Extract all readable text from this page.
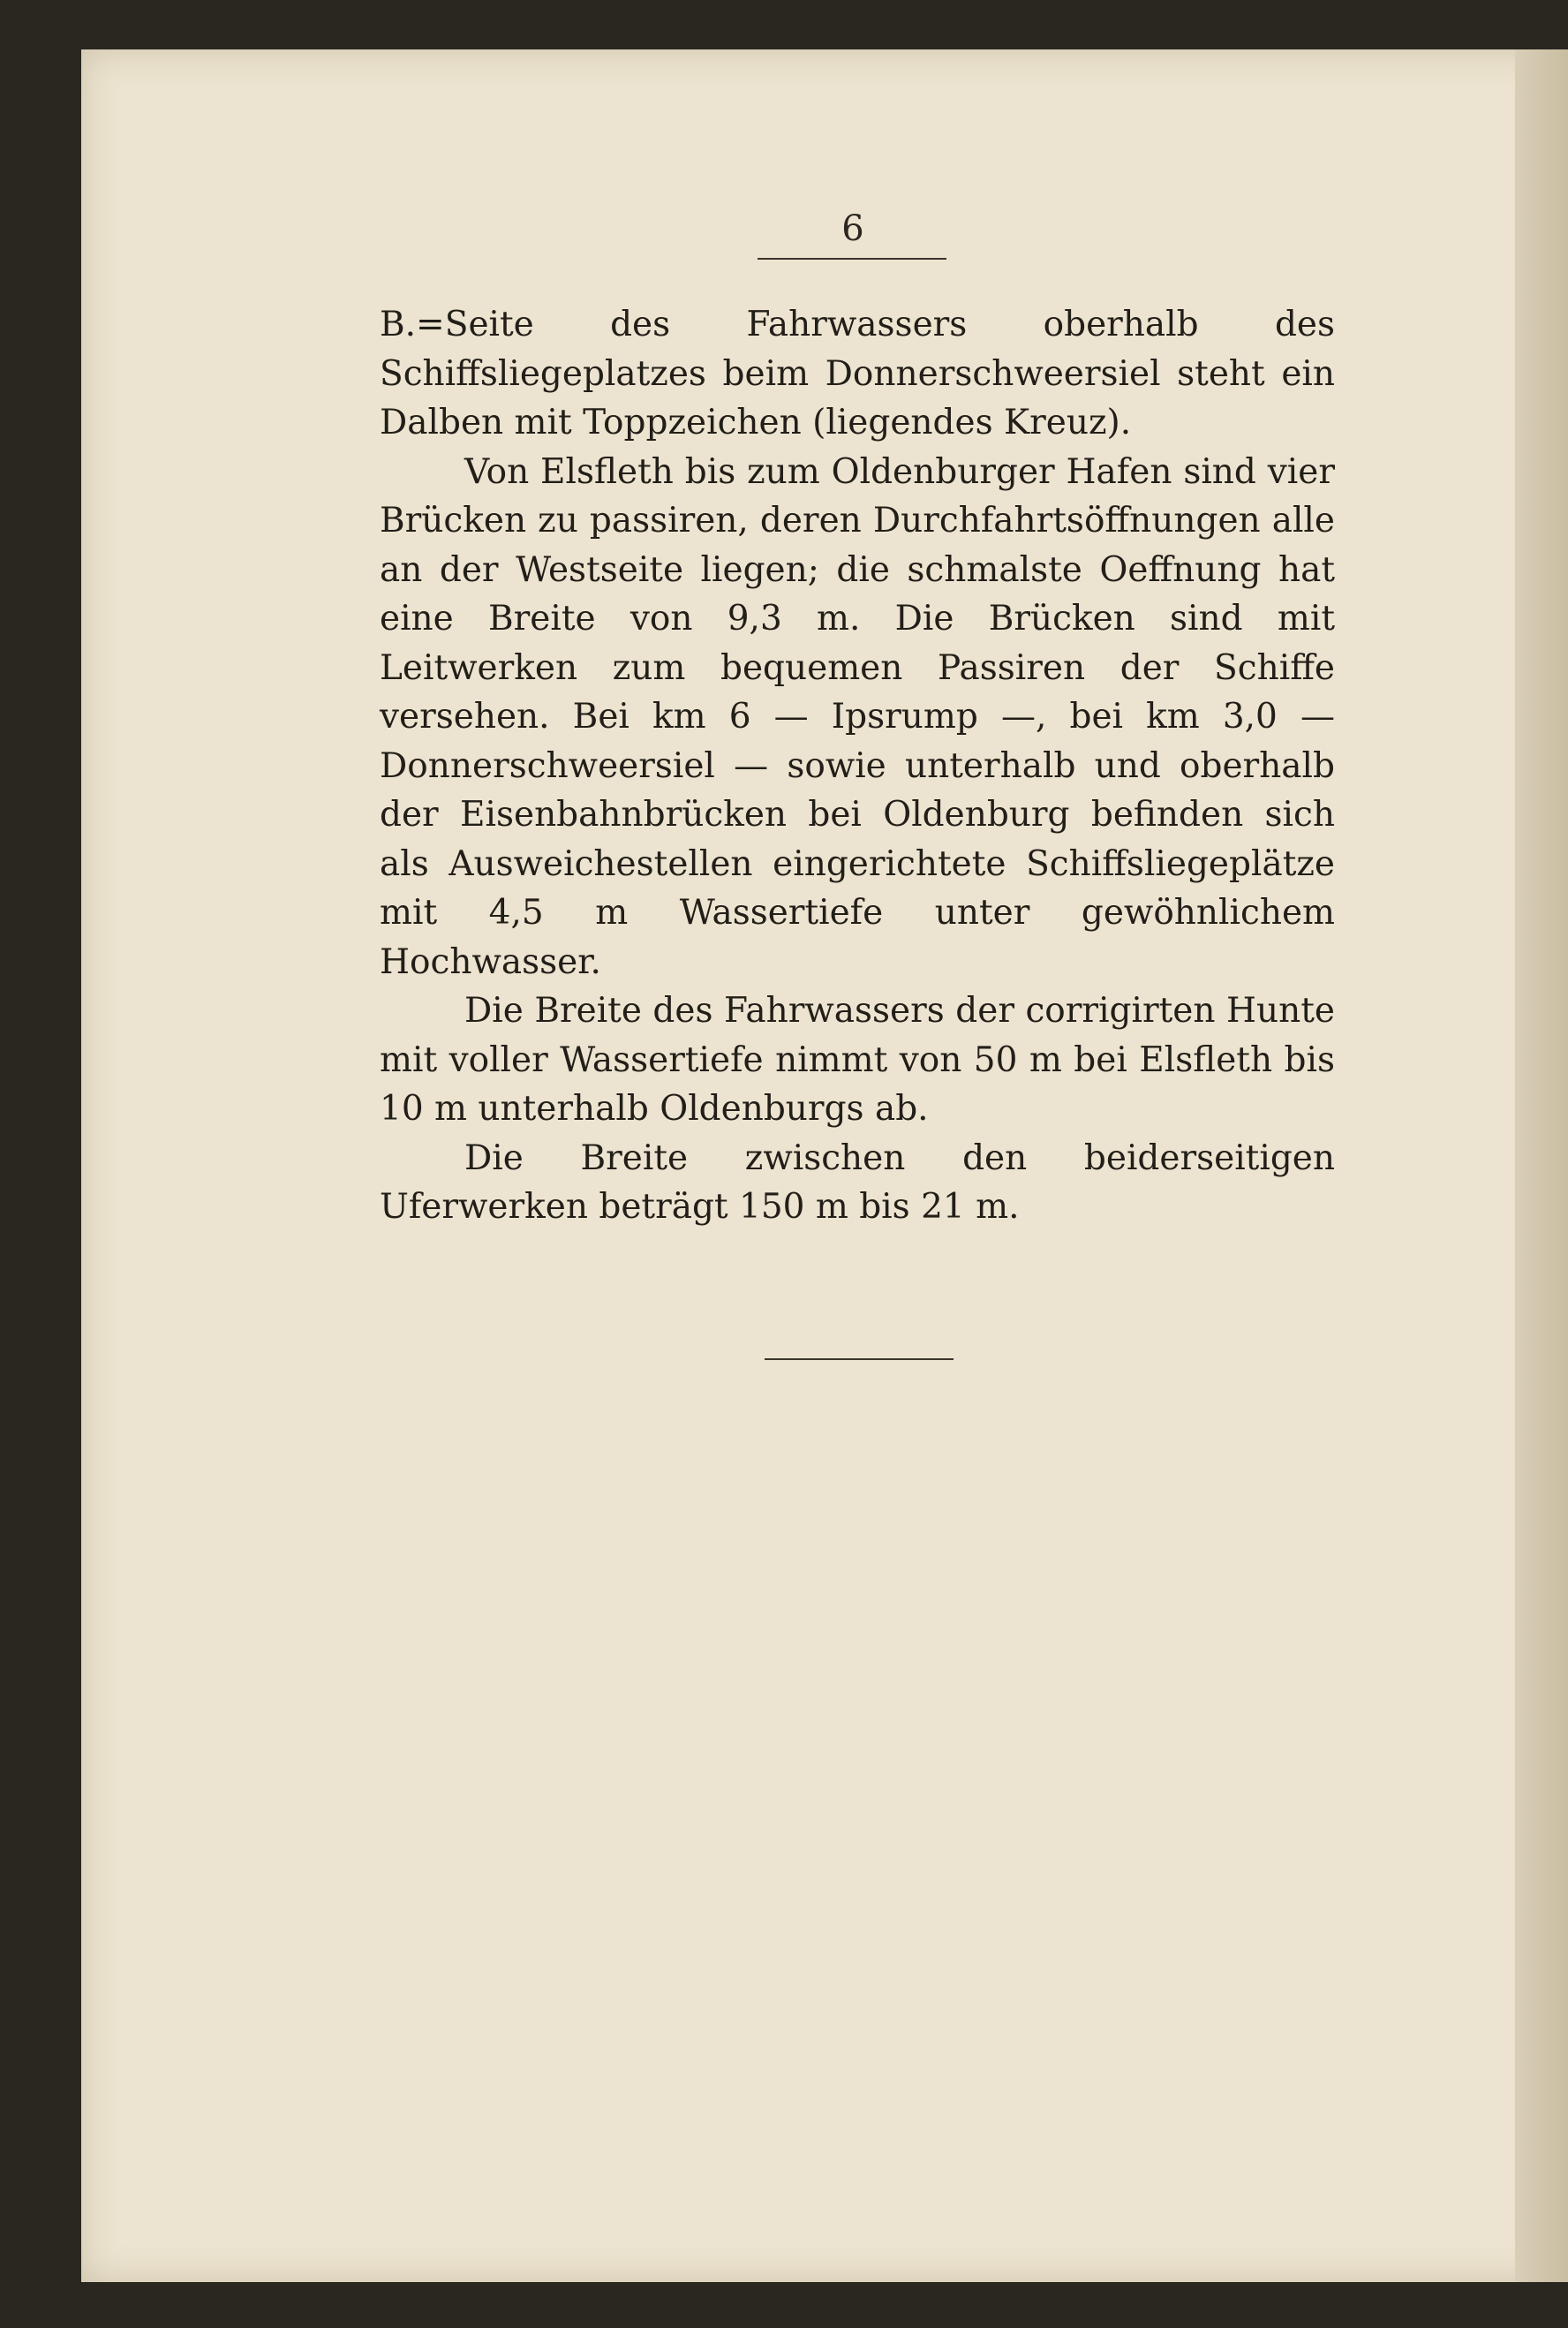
6

B.=Seite des Fahrwassers oberhalb des Schiffsliegeplatzes beim Donnerschweersiel steht ein Dalben mit Toppzeichen (liegendes Kreuz).

Von Elsfleth bis zum Oldenburger Hafen sind vier Brücken zu passiren, deren Durchfahrtsöffnungen alle an der Westseite liegen; die schmalste Oeffnung hat eine Breite von 9,3 m. Die Brücken sind mit Leitwerken zum bequemen Passiren der Schiffe versehen. Bei km 6 — Ipsrump —, bei km 3,0 — Donnerschweersiel — sowie unterhalb und oberhalb der Eisenbahnbrücken bei Oldenburg befinden sich als Ausweichestellen eingerichtete Schiffsliegeplätze mit 4,5 m Wassertiefe unter gewöhnlichem Hochwasser.

Die Breite des Fahrwassers der corrigirten Hunte mit voller Wassertiefe nimmt von 50 m bei Elsfleth bis 10 m unterhalb Oldenburgs ab.

Die Breite zwischen den beiderseitigen Uferwerken beträgt 150 m bis 21 m.
